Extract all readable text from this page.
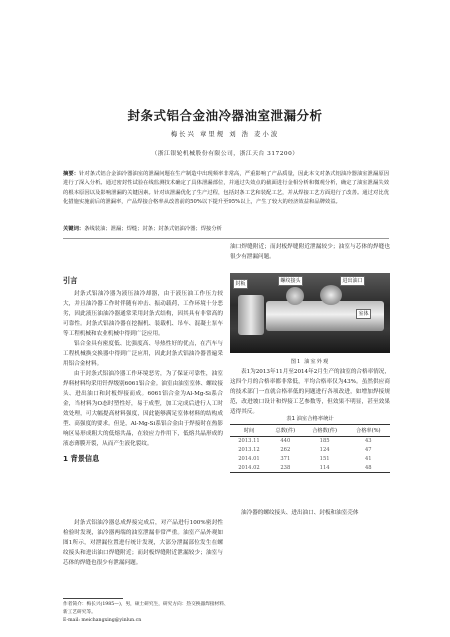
封条式铝合金油冷器油室泄漏分析
梅长兴 章里规 刘 浩 麦小波
（浙江银轮机械股份有限公司，浙江天台 317200）
摘要：针对条式铝合金油冷器油室的泄漏问题在生产制造中出现频率非常高，严重影响了产品质量，因此本文对条式铝油冷器油室泄漏原因进行了深入分析。通过密封性试验在线监测技术确定了具体泄漏部位，并通过失效点的截面进行金相分析和微观分析，确定了油室泄漏失效的根本原因以及影响泄漏的关键因素。针对该泄漏优化了生产过程，包括封条工艺和装配工艺，并从焊接工艺方面进行了改善。通过对比优化措施实施前后的泄漏率，产品焊接合格率从改善前的50%以下提升至95%以上，产生了较大的经济效益和品牌效益。
关键词：条线装油；泄漏；焊缝；封条；封条式铝油冷器；焊接分析
引言

封条式铝油冷器为液压油冷却器，由于液压油工作压力较大，并且油冷器工作时伴随有冲击、振动载荷，工作环境十分恶劣，因此液压油油冷器通常采用封条式结构，因其具有非常高的可靠性。封条式铝油冷器在挖掘机、装载机、吊车、混凝土泵车等工程机械和农业机械中得到广泛应用。

铝合金具有密度低、比强度高、导热性好的优点，在汽车与工程机械换交换器中得到广泛应用，因此封条式铝油冷器普遍采用铝合金材料。

由于封条式铝油冷器工作环境恶劣，为了保证可靠性，油室焊料材料均采用钎焊级别6061铝合金。油室由油室室体、螺纹接头、进出油口和封板焊接而成。6061铝合金为Al-Mg-Si系合金，当材料为O态时塑性好，易于成型，加工完成后进行人工时效处理，可大幅提高材料强度，因此能够满足室体材料的结构成型、高强度的要求。但是，Al-Mg-Si系铝合金由于焊接时在热影响区易形成粗大的低熔共晶，在较应力作用下，低熔共晶形成的液态薄膜开裂，从而产生液化裂纹。

1 背景信息

封条式铝油冷器总成焊接完成后，对产品进行100%密封性检验时发现，油冷器两端的油室泄漏非常严重。油室产品外观如图1所示，对泄漏位置进行统计发现，大部分泄漏部位发生在螺纹接头和进出油口焊缝附近；而封板焊缝附近泄漏较少；油室与芯体的焊缝也很少有泄漏问题。

油口焊缝附近；而封板焊缝附近泄漏较少；油室与芯体的焊缝也很少有泄漏问题。

封板	螺纹接头	进出油口
室体
图1 油室外观

表1为2013年11月至2014年2月生产的油室的合格率情况，这四个月的合格率都非常低，平均合格率仅为43%。虽然供应商的技术部门一直就合格率低的问题进行各项改进，如增加焊接规范，改进坡口设计和焊接工艺参数等，但效果不明显，甚至效果适得其反。

表1 油室合格率统计
时间	总数(件)	合格数(件)	合格率(%)
2013.11	440	185	43
2013.12	262	124	47
2014.01	371	151	41
2014.02	238	114	48

油冷器的螺纹接头、进出油口、封板和油室壳体

作者简介：梅长兴(1985—)，男，硕士研究生，研究方向：热交换器焊接材料、新工艺研究等。
E-mail: meichangxing@yinlun.cn
